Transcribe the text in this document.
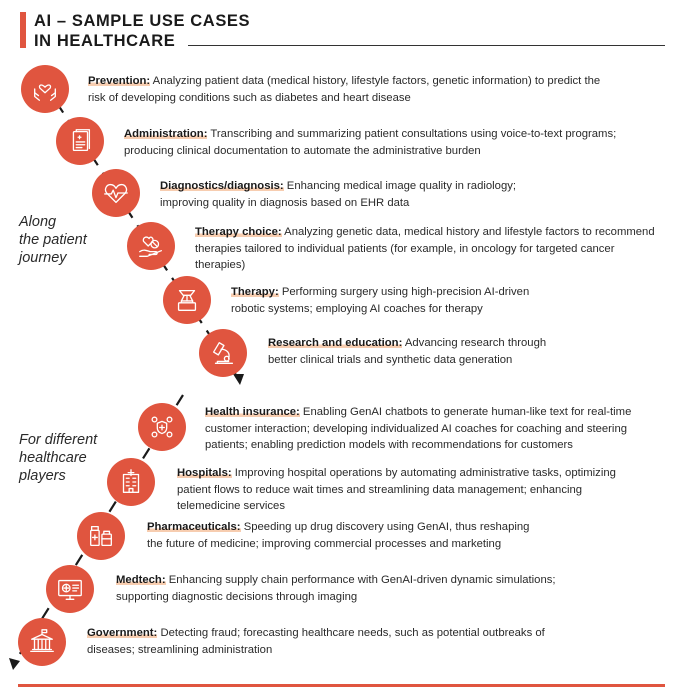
AI – SAMPLE USE CASES
IN HEALTHCARE
Along
the patient
journey
For different
healthcare
players
Prevention: Analyzing patient data (medical history, lifestyle factors, genetic information) to predict the risk of developing conditions such as diabetes and heart disease
Administration: Transcribing and summarizing patient consultations using voice-to-text programs; producing clinical documentation to automate the administrative burden
Diagnostics/diagnosis: Enhancing medical image quality in radiology; improving quality in diagnosis based on EHR data
Therapy choice: Analyzing genetic data, medical history and lifestyle factors to recommend therapies tailored to individual patients (for example, in oncology for targeted cancer therapies)
Therapy: Performing surgery using high-precision AI-driven robotic systems; employing AI coaches for therapy
Research and education: Advancing research through better clinical trials and synthetic data generation
Health insurance: Enabling GenAI chatbots to generate human-like text for real-time customer interaction; developing individualized AI coaches for coaching and steering patients; enabling prediction models with recommendations for customers
Hospitals: Improving hospital operations by automating administrative tasks, optimizing patient flows to reduce wait times and streamlining data management; enhancing telemedicine services
Pharmaceuticals: Speeding up drug discovery using GenAI, thus reshaping the future of medicine; improving commercial processes and marketing
Medtech: Enhancing supply chain performance with GenAI-driven dynamic simulations; supporting diagnostic decisions through imaging
Government: Detecting fraud; forecasting healthcare needs, such as potential outbreaks of diseases; streamlining administration
